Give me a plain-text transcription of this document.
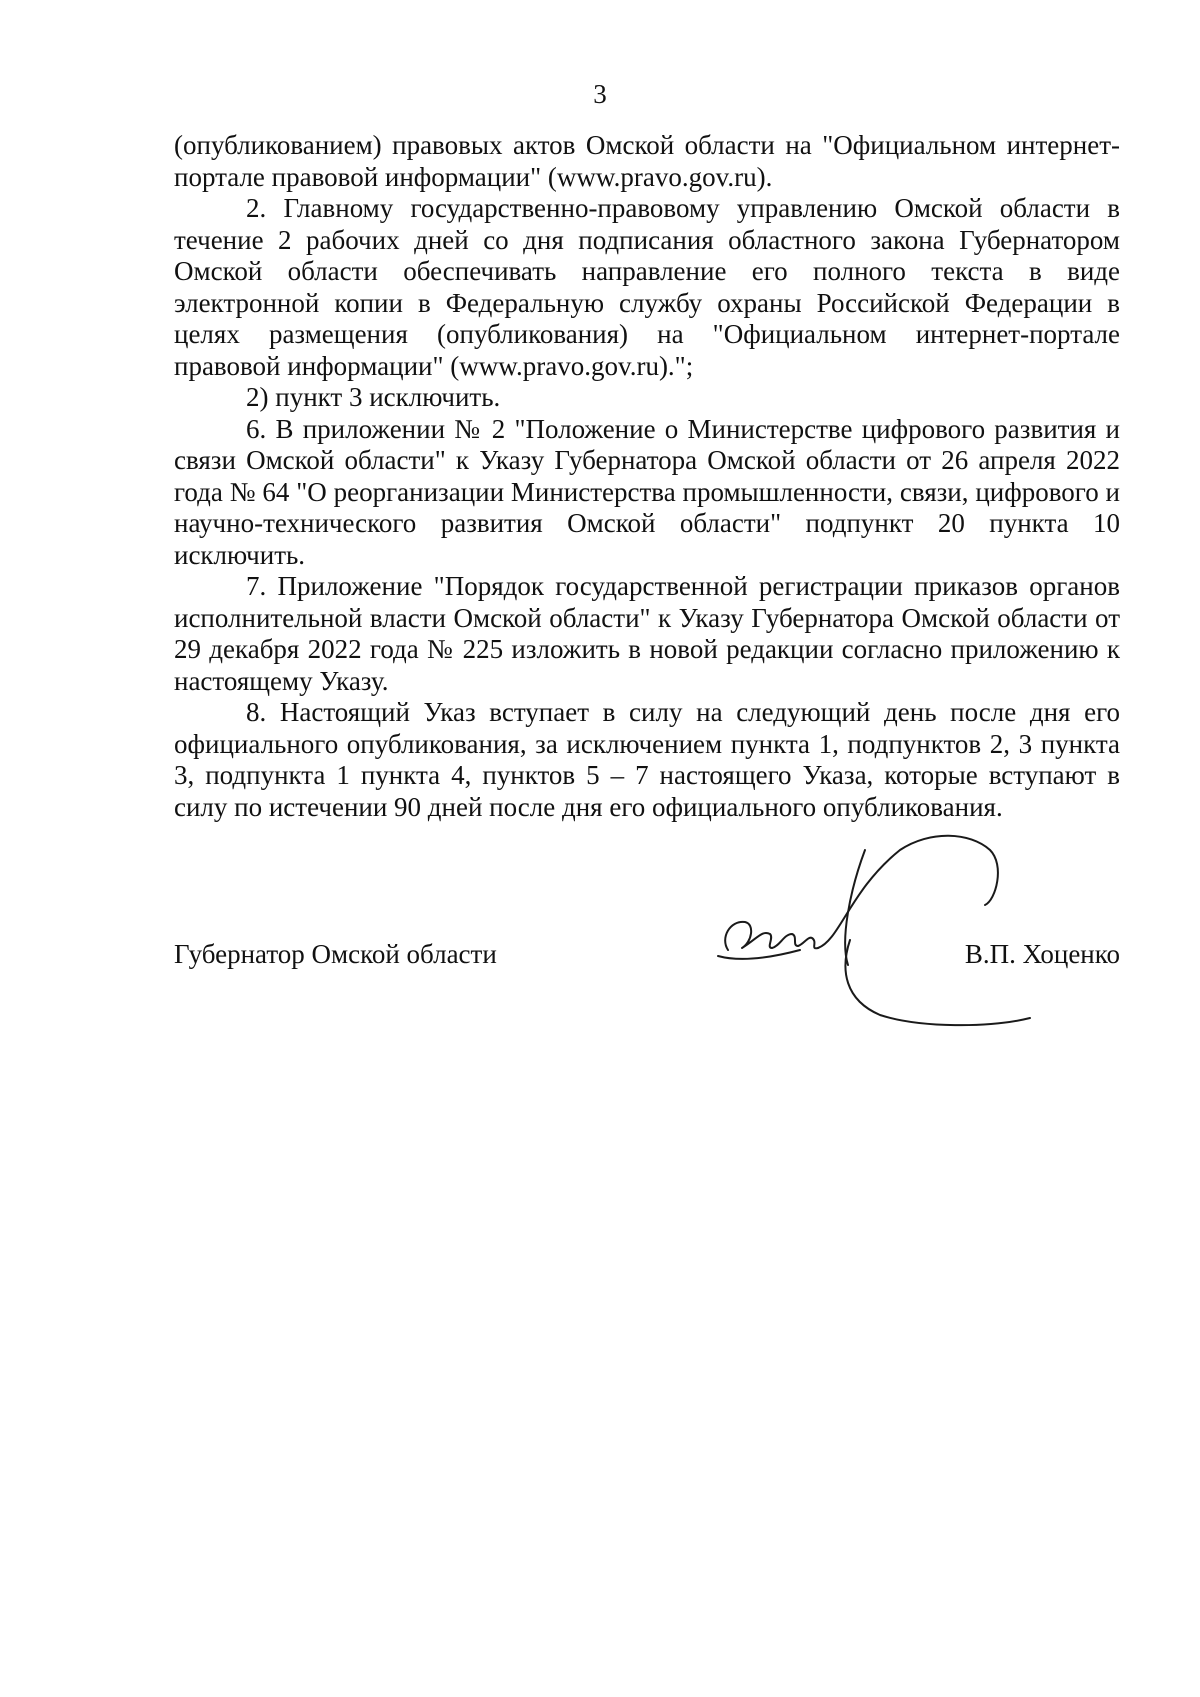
3

(опубликованием) правовых актов Омской области на "Официальном интернет-портале правовой информации" (www.pravo.gov.ru).

2. Главному государственно-правовому управлению Омской области в течение 2 рабочих дней со дня подписания областного закона Губернатором Омской области обеспечивать направление его полного текста в виде электронной копии в Федеральную службу охраны Российской Федерации в целях размещения (опубликования) на "Официальном интернет-портале правовой информации" (www.pravo.gov.ru).";

2) пункт 3 исключить.

6. В приложении № 2 "Положение о Министерстве цифрового развития и связи Омской области" к Указу Губернатора Омской области от 26 апреля 2022 года № 64 "О реорганизации Министерства промышленности, связи, цифрового и научно-технического развития Омской области" подпункт 20 пункта 10 исключить.

7. Приложение "Порядок государственной регистрации приказов органов исполнительной власти Омской области" к Указу Губернатора Омской области от 29 декабря 2022 года № 225 изложить в новой редакции согласно приложению к настоящему Указу.

8. Настоящий Указ вступает в силу на следующий день после дня его официального опубликования, за исключением пункта 1, подпунктов 2, 3 пункта 3, подпункта 1 пункта 4, пунктов 5 – 7 настоящего Указа, которые вступают в силу по истечении 90 дней после дня его официального опубликования.

Губернатор Омской области	В.П. Хоценко
